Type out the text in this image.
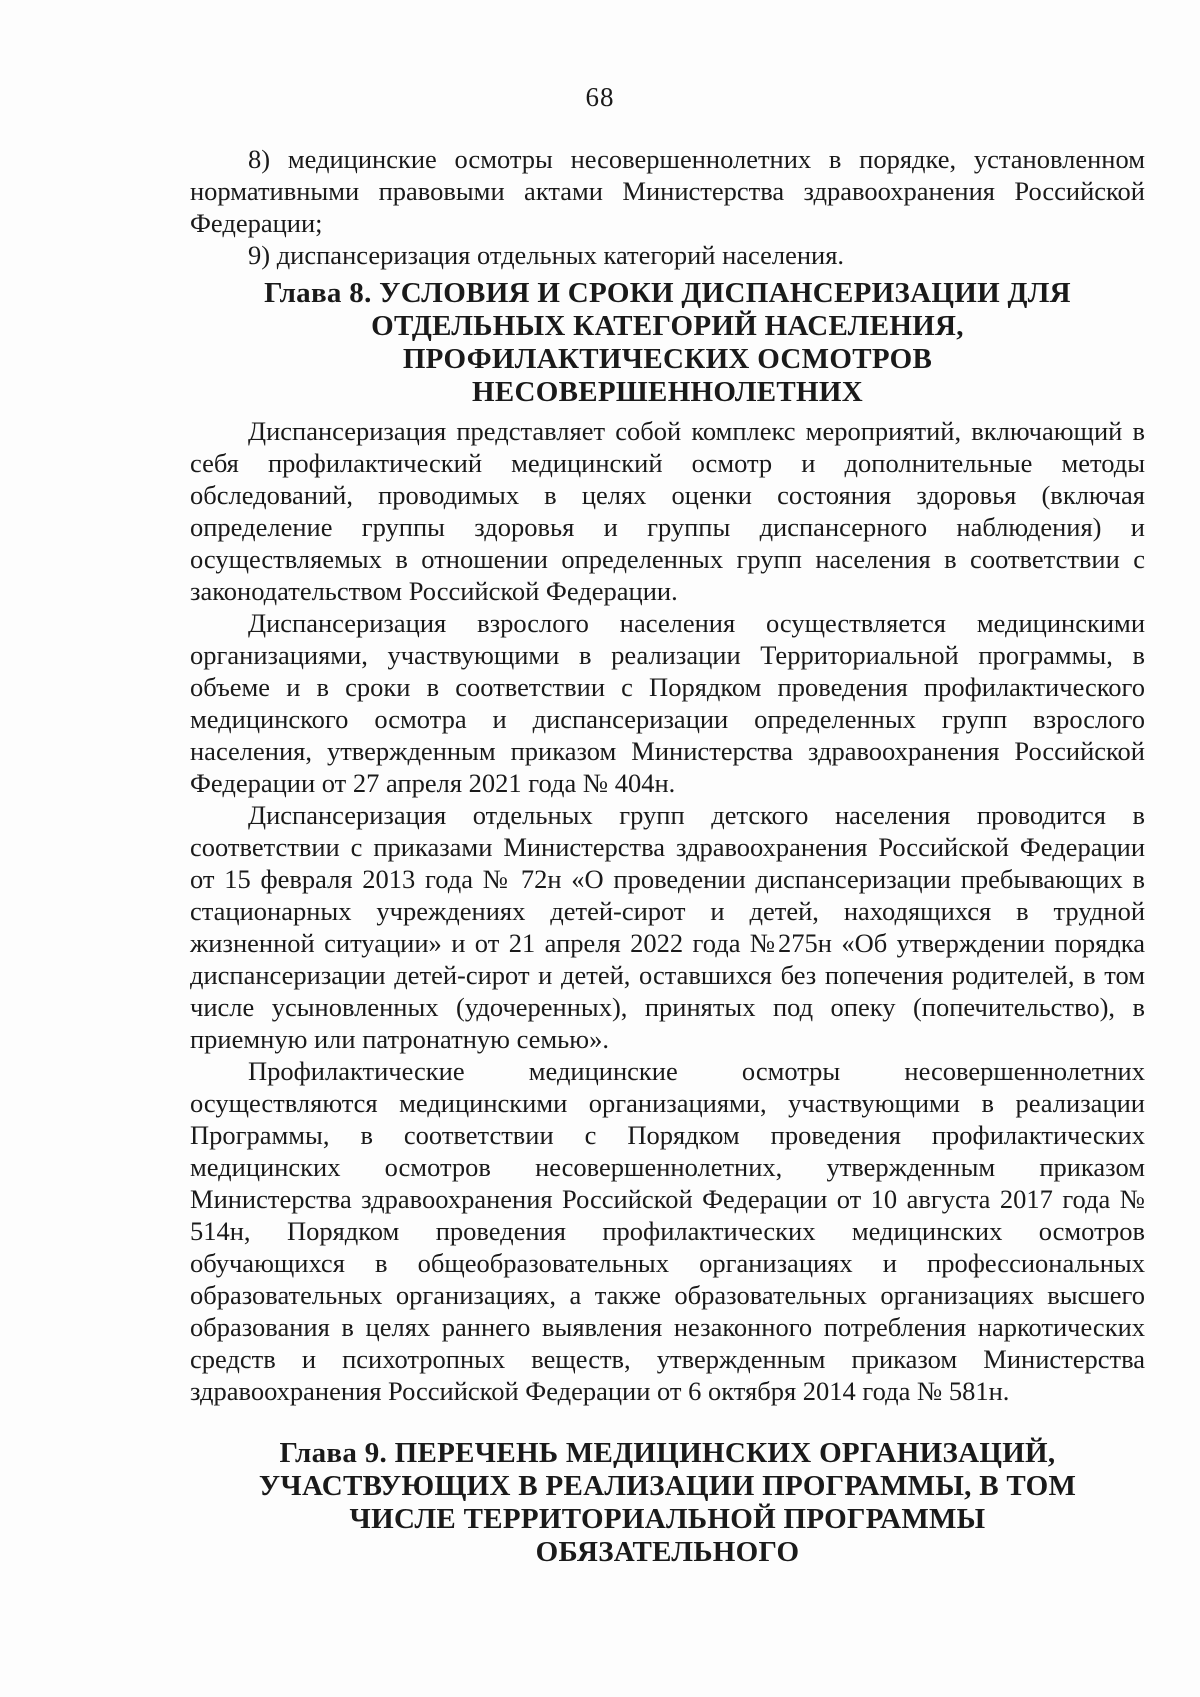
68

8) медицинские осмотры несовершеннолетних в порядке, установленном нормативными правовыми актами Министерства здравоохранения Российской Федерации;

9) диспансеризация отдельных категорий населения.

Глава 8. УСЛОВИЯ И СРОКИ ДИСПАНСЕРИЗАЦИИ ДЛЯ ОТДЕЛЬНЫХ КАТЕГОРИЙ НАСЕЛЕНИЯ, ПРОФИЛАКТИЧЕСКИХ ОСМОТРОВ НЕСОВЕРШЕННОЛЕТНИХ

Диспансеризация представляет собой комплекс мероприятий, включающий в себя профилактический медицинский осмотр и дополнительные методы обследований, проводимых в целях оценки состояния здоровья (включая определение группы здоровья и группы диспансерного наблюдения) и осуществляемых в отношении определенных групп населения в соответствии с законодательством Российской Федерации.

Диспансеризация взрослого населения осуществляется медицинскими организациями, участвующими в реализации Территориальной программы, в объеме и в сроки в соответствии с Порядком проведения профилактического медицинского осмотра и диспансеризации определенных групп взрослого населения, утвержденным приказом Министерства здравоохранения Российской Федерации от 27 апреля 2021 года № 404н.

Диспансеризация отдельных групп детского населения проводится в соответствии с приказами Министерства здравоохранения Российской Федерации от 15 февраля 2013 года № 72н «О проведении диспансеризации пребывающих в стационарных учреждениях детей-сирот и детей, находящихся в трудной жизненной ситуации» и от 21 апреля 2022 года №275н «Об утверждении порядка диспансеризации детей-сирот и детей, оставшихся без попечения родителей, в том числе усыновленных (удочеренных), принятых под опеку (попечительство), в приемную или патронатную семью».

Профилактические медицинские осмотры несовершеннолетних осуществляются медицинскими организациями, участвующими в реализации Программы, в соответствии с Порядком проведения профилактических медицинских осмотров несовершеннолетних, утвержденным приказом Министерства здравоохранения Российской Федерации от 10 августа 2017 года № 514н, Порядком проведения профилактических медицинских осмотров обучающихся в общеобразовательных организациях и профессиональных образовательных организациях, а также образовательных организациях высшего образования в целях раннего выявления незаконного потребления наркотических средств и психотропных веществ, утвержденным приказом Министерства здравоохранения Российской Федерации от 6 октября 2014 года № 581н.

Глава 9. ПЕРЕЧЕНЬ МЕДИЦИНСКИХ ОРГАНИЗАЦИЙ, УЧАСТВУЮЩИХ В РЕАЛИЗАЦИИ ПРОГРАММЫ, В ТОМ ЧИСЛЕ ТЕРРИТОРИАЛЬНОЙ ПРОГРАММЫ ОБЯЗАТЕЛЬНОГО
